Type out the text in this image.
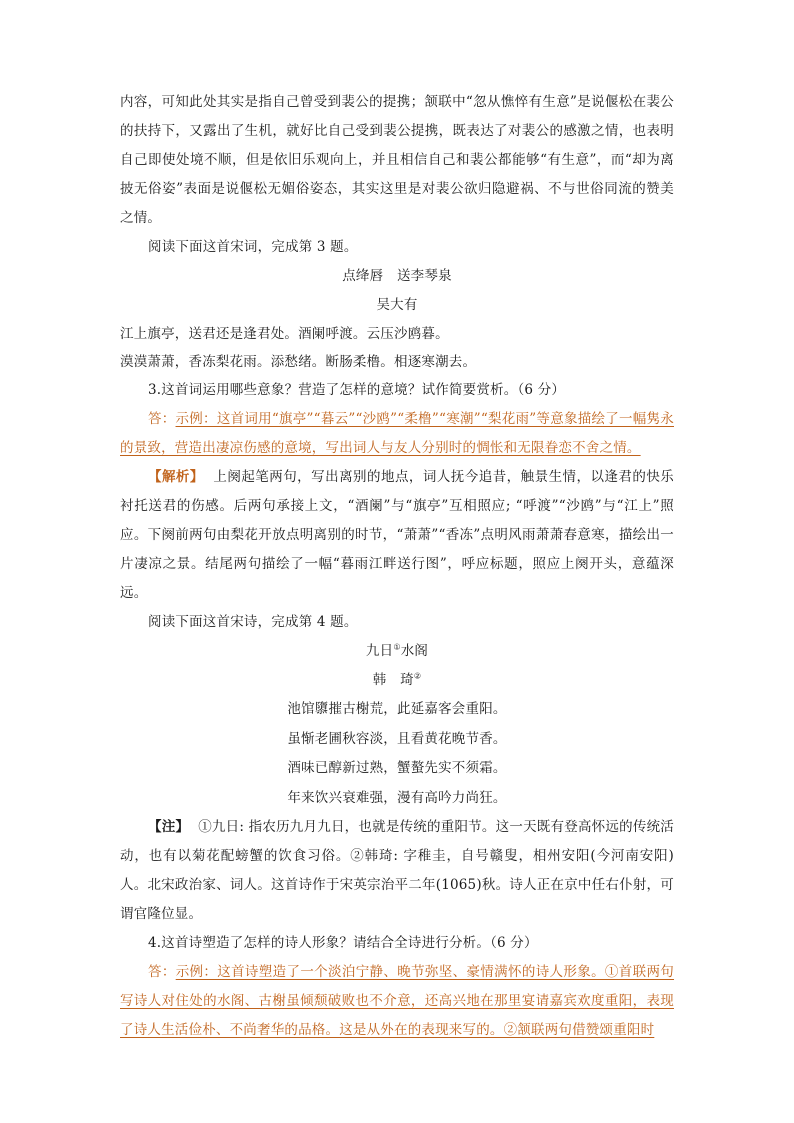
内容，可知此处其实是指自己曾受到裴公的提携；颔联中“忽从憔悴有生意”是说偃松在裴公的扶持下，又露出了生机，就好比自己受到裴公提携，既表达了对裴公的感激之情，也表明自己即使处境不顺，但是依旧乐观向上，并且相信自己和裴公都能够“有生意”，而“却为离披无俗姿”表面是说偃松无媚俗姿态，其实这里是对裴公欲归隐避祸、不与世俗同流的赞美之情。

阅读下面这首宋词，完成第 3 题。

点绛唇　送李琴泉
吴大有

江上旗亭，送君还是逢君处。酒阑呼渡。云压沙鸥暮。

漠漠萧萧，香冻梨花雨。添愁绪。断肠柔橹。相逐寒潮去。

3.这首词运用哪些意象？营造了怎样的意境？试作简要赏析。（6 分）

答：示例：这首词用“旗亭”“暮云”“沙鸥”“柔橹”“寒潮”“梨花雨”等意象描绘了一幅隽永的景致，营造出凄凉伤感的意境，写出词人与友人分别时的惆怅和无限眷恋不舍之情。

【解析】 上阕起笔两句，写出离别的地点，词人抚今追昔，触景生情，以逢君的快乐衬托送君的伤感。后两句承接上文，“酒阑”与“旗亭”互相照应; “呼渡”“沙鸥”与“江上”照应。下阕前两句由梨花开放点明离别的时节，“萧萧”“香冻”点明风雨萧萧春意寒，描绘出一片凄凉之景。结尾两句描绘了一幅“暮雨江畔送行图”，呼应标题，照应上阕开头，意蕴深远。

阅读下面这首宋诗，完成第 4 题。

九日①水阁
韩　琦②
池馆隳摧古榭荒，此延嘉客会重阳。
虽惭老圃秋容淡，且看黄花晚节香。
酒味已醇新过熟，蟹螯先实不须霜。
年来饮兴衰难强，漫有高吟力尚狂。

【注】 ①九日: 指农历九月九日，也就是传统的重阳节。这一天既有登高怀远的传统活动，也有以菊花配螃蟹的饮食习俗。②韩琦: 字稚圭，自号赣叟，相州安阳(今河南安阳)人。北宋政治家、词人。这首诗作于宋英宗治平二年(1065)秋。诗人正在京中任右仆射，可谓官隆位显。

4.这首诗塑造了怎样的诗人形象？请结合全诗进行分析。（6 分）

答：示例：这首诗塑造了一个淡泊宁静、晚节弥坚、豪情满怀的诗人形象。①首联两句写诗人对住处的水阁、古榭虽倾颓破败也不介意，还高兴地在那里宴请嘉宾欢度重阳，表现了诗人生活俭朴、不尚奢华的品格。这是从外在的表现来写的。②颔联两句借赞颂重阳时
